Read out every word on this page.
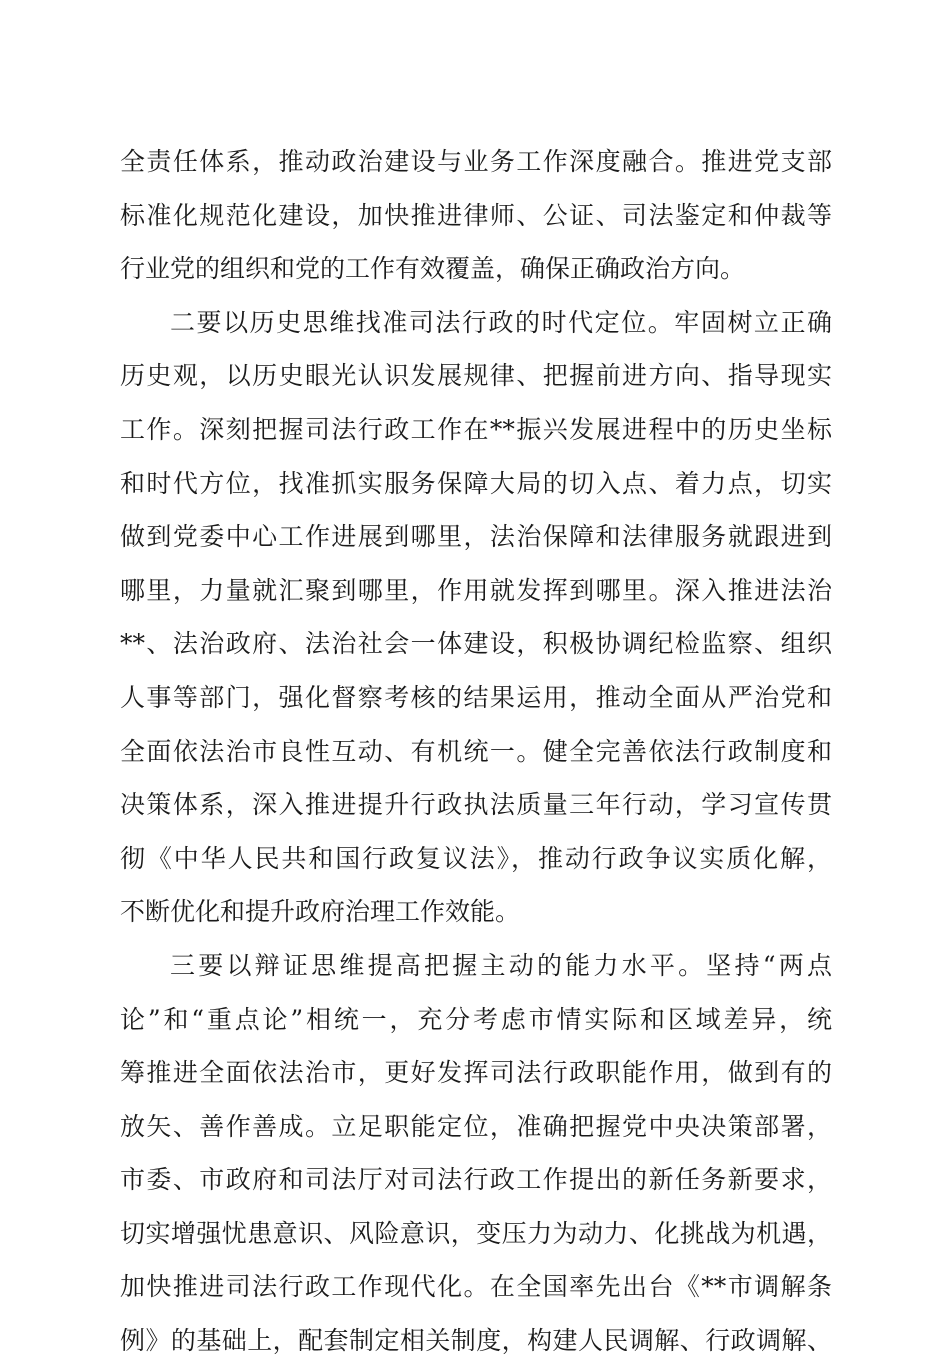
全责任体系，推动政治建设与业务工作深度融合。推进党支部
标准化规范化建设，加快推进律师、公证、司法鉴定和仲裁等
行业党的组织和党的工作有效覆盖，确保正确政治方向。
二要以历史思维找准司法行政的时代定位。牢固树立正确
历史观，以历史眼光认识发展规律、把握前进方向、指导现实
工作。深刻把握司法行政工作在**振兴发展进程中的历史坐标
和时代方位，找准抓实服务保障大局的切入点、着力点，切实
做到党委中心工作进展到哪里，法治保障和法律服务就跟进到
哪里，力量就汇聚到哪里，作用就发挥到哪里。深入推进法治
**、法治政府、法治社会一体建设，积极协调纪检监察、组织
人事等部门，强化督察考核的结果运用，推动全面从严治党和
全面依法治市良性互动、有机统一。健全完善依法行政制度和
决策体系，深入推进提升行政执法质量三年行动，学习宣传贯
彻《中华人民共和国行政复议法》，推动行政争议实质化解，
不断优化和提升政府治理工作效能。
三要以辩证思维提高把握主动的能力水平。坚持“两点
论”和“重点论”相统一，充分考虑市情实际和区域差异，统
筹推进全面依法治市，更好发挥司法行政职能作用，做到有的
放矢、善作善成。立足职能定位，准确把握党中央决策部署，
市委、市政府和司法厅对司法行政工作提出的新任务新要求，
切实增强忧患意识、风险意识，变压力为动力、化挑战为机遇，
加快推进司法行政工作现代化。在全国率先出台《**市调解条
例》的基础上，配套制定相关制度，构建人民调解、行政调解、
